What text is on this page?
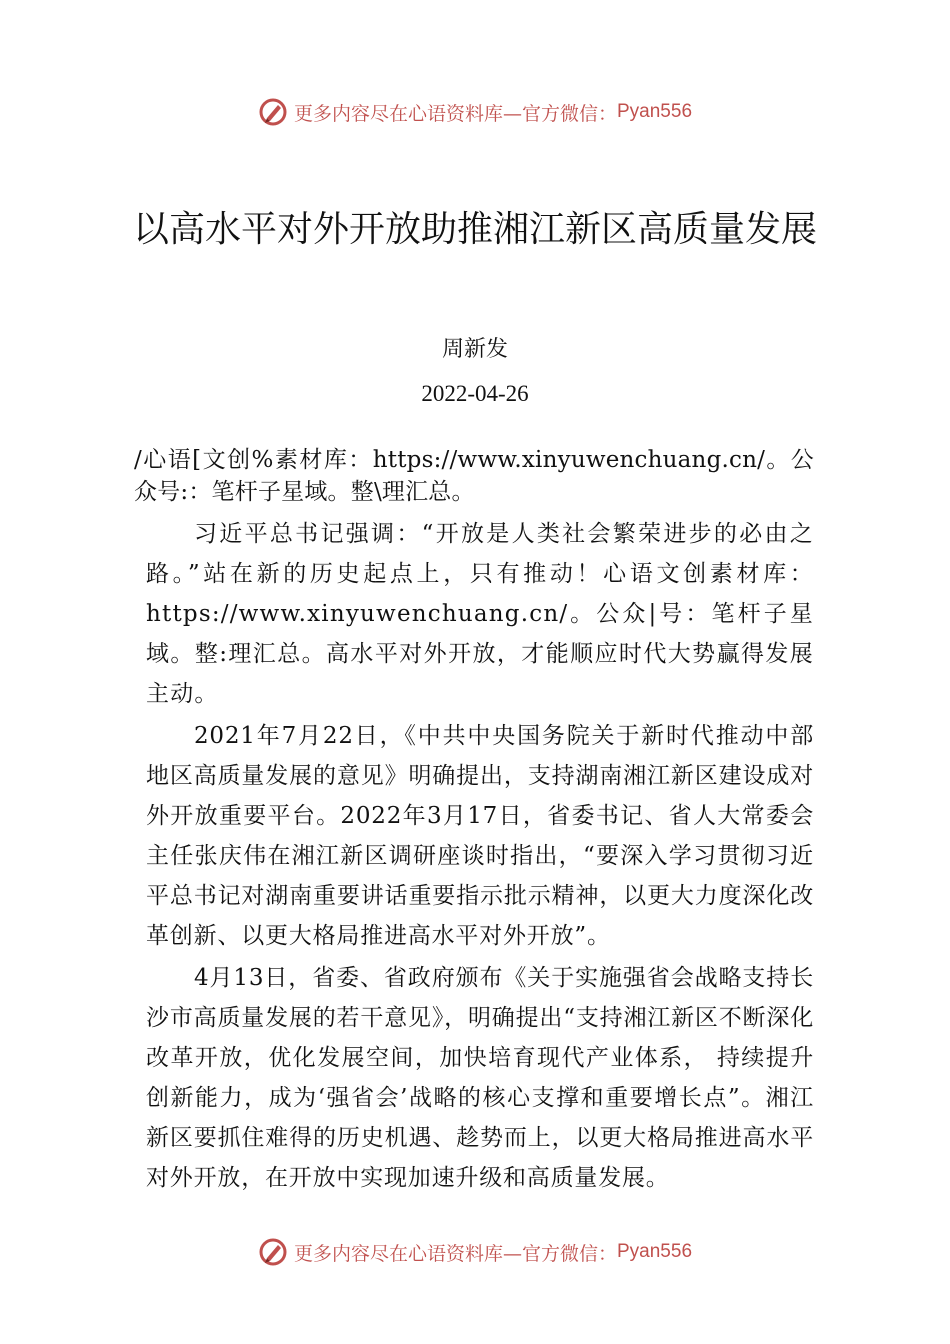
更多内容尽在心语资料库—官方微信： Pyan556
以高水平对外开放助推湘江新区高质量发展
周新发
2022-04-26

/心语[文创%素材库：https://www.xinyuwenchuang.cn/。公众号:：笔杆子星域。整\理汇总。

习近平总书记强调：“开放是人类社会繁荣进步的必由之路。”站在新的历史起点上，只有推动！心语文创素材库：https://www.xinyuwenchuang.cn/。公众|号：笔杆子星域。整:理汇总。高水平对外开放，才能顺应时代大势赢得发展主动。

2021年7月22日，《中共中央国务院关于新时代推动中部地区高质量发展的意见》明确提出，支持湖南湘江新区建设成对外开放重要平台。2022年3月17日，省委书记、省人大常委会主任张庆伟在湘江新区调研座谈时指出，“要深入学习贯彻习近平总书记对湖南重要讲话重要指示批示精神，以更大力度深化改革创新、以更大格局推进高水平对外开放”。

4月13日，省委、省政府颁布《关于实施强省会战略支持长沙市高质量发展的若干意见》，明确提出“支持湘江新区不断深化改革开放，优化发展空间，加快培育现代产业体系， 持续提升创新能力，成为‘强省会’战略的核心支撑和重要增长点”。湘江新区要抓住难得的历史机遇、趁势而上，以更大格局推进高水平对外开放，在开放中实现加速升级和高质量发展。

更多内容尽在心语资料库—官方微信： Pyan556
